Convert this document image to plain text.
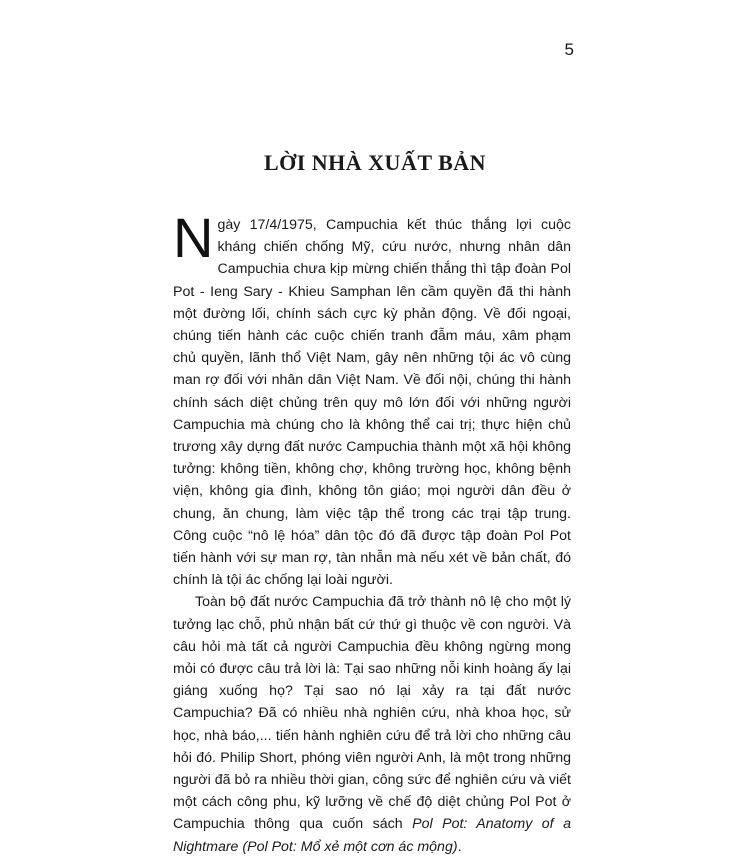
5
LỜI NHÀ XUẤT BẢN

Ngày 17/4/1975, Campuchia kết thúc thắng lợi cuộc kháng chiến chống Mỹ, cứu nước, nhưng nhân dân Campuchia chưa kịp mừng chiến thắng thì tập đoàn Pol Pot - Ieng Sary - Khieu Samphan lên cầm quyền đã thi hành một đường lối, chính sách cực kỳ phản động. Về đối ngoại, chúng tiến hành các cuộc chiến tranh đẫm máu, xâm phạm chủ quyền, lãnh thổ Việt Nam, gây nên những tội ác vô cùng man rợ đối với nhân dân Việt Nam. Về đối nội, chúng thi hành chính sách diệt chủng trên quy mô lớn đối với những người Campuchia mà chúng cho là không thể cai trị; thực hiện chủ trương xây dựng đất nước Campuchia thành một xã hội không tưởng: không tiền, không chợ, không trường học, không bệnh viện, không gia đình, không tôn giáo; mọi người dân đều ở chung, ăn chung, làm việc tập thể trong các trại tập trung. Công cuộc “nô lệ hóa” dân tộc đó đã được tập đoàn Pol Pot tiến hành với sự man rợ, tàn nhẫn mà nếu xét về bản chất, đó chính là tội ác chống lại loài người.

Toàn bộ đất nước Campuchia đã trở thành nô lệ cho một lý tưởng lạc chỗ, phủ nhận bất cứ thứ gì thuộc về con người. Và câu hỏi mà tất cả người Campuchia đều không ngừng mong mỏi có được câu trả lời là: Tại sao những nỗi kinh hoàng ấy lại giáng xuống họ? Tại sao nó lại xảy ra tại đất nước Campuchia? Đã có nhiều nhà nghiên cứu, nhà khoa học, sử học, nhà báo,... tiến hành nghiên cứu để trả lời cho những câu hỏi đó. Philip Short, phóng viên người Anh, là một trong những người đã bỏ ra nhiều thời gian, công sức để nghiên cứu và viết một cách công phu, kỹ lưỡng về chế độ diệt chủng Pol Pot ở Campuchia thông qua cuốn sách Pol Pot: Anatomy of a Nightmare (Pol Pot: Mổ xẻ một cơn ác mộng).
